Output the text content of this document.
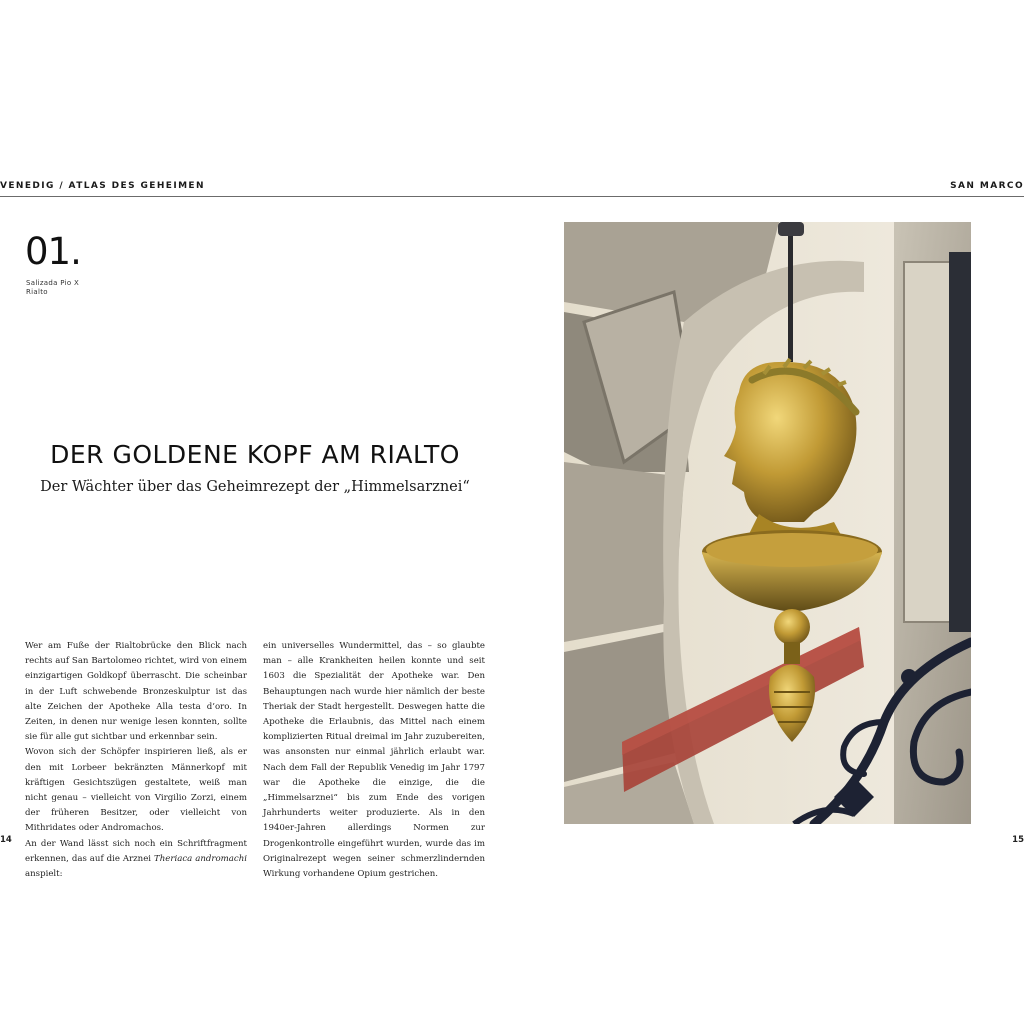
VENEDIG / ATLAS DES GEHEIMEN	SAN MARCO
01.
Salizada Pio X
Rialto
DER GOLDENE KOPF AM RIALTO
Der Wächter über das Geheimrezept der „Himmelsarznei“

Wer am Fuße der Rialtobrücke den Blick nach rechts auf San Bartolomeo richtet, wird von einem einzigartigen Goldkopf überrascht. Die scheinbar in der Luft schwebende Bronzeskulptur ist das alte Zeichen der Apotheke Alla testa d’oro. In Zeiten, in denen nur wenige lesen konnten, sollte sie für alle gut sichtbar und erkennbar sein.

Wovon sich der Schöpfer inspirieren ließ, als er den mit Lorbeer bekränzten Männerkopf mit kräftigen Gesichtszügen gestaltete, weiß man nicht genau – vielleicht von Virgilio Zorzi, einem der früheren Besitzer, oder vielleicht von Mithridates oder Andromachos.

An der Wand lässt sich noch ein Schriftfragment erkennen, das auf die Arznei Theriaca andromachi anspielt:

ein universelles Wundermittel, das – so glaubte man – alle Krankheiten heilen konnte und seit 1603 die Spezialität der Apotheke war. Den Behauptungen nach wurde hier nämlich der beste Theriak der Stadt hergestellt. Deswegen hatte die Apotheke die Erlaubnis, das Mittel nach einem komplizierten Ritual dreimal im Jahr zuzubereiten, was ansonsten nur einmal jährlich erlaubt war. Nach dem Fall der Republik Venedig im Jahr 1797 war die Apotheke die einzige, die die „Himmelsarznei“ bis zum Ende des vorigen Jahrhunderts weiter produzierte. Als in den 1940er-Jahren allerdings Normen zur Drogenkontrolle eingeführt wurden, wurde das im Originalrezept wegen seiner schmerzlindernden Wirkung vorhandene Opium gestrichen.

14	15
